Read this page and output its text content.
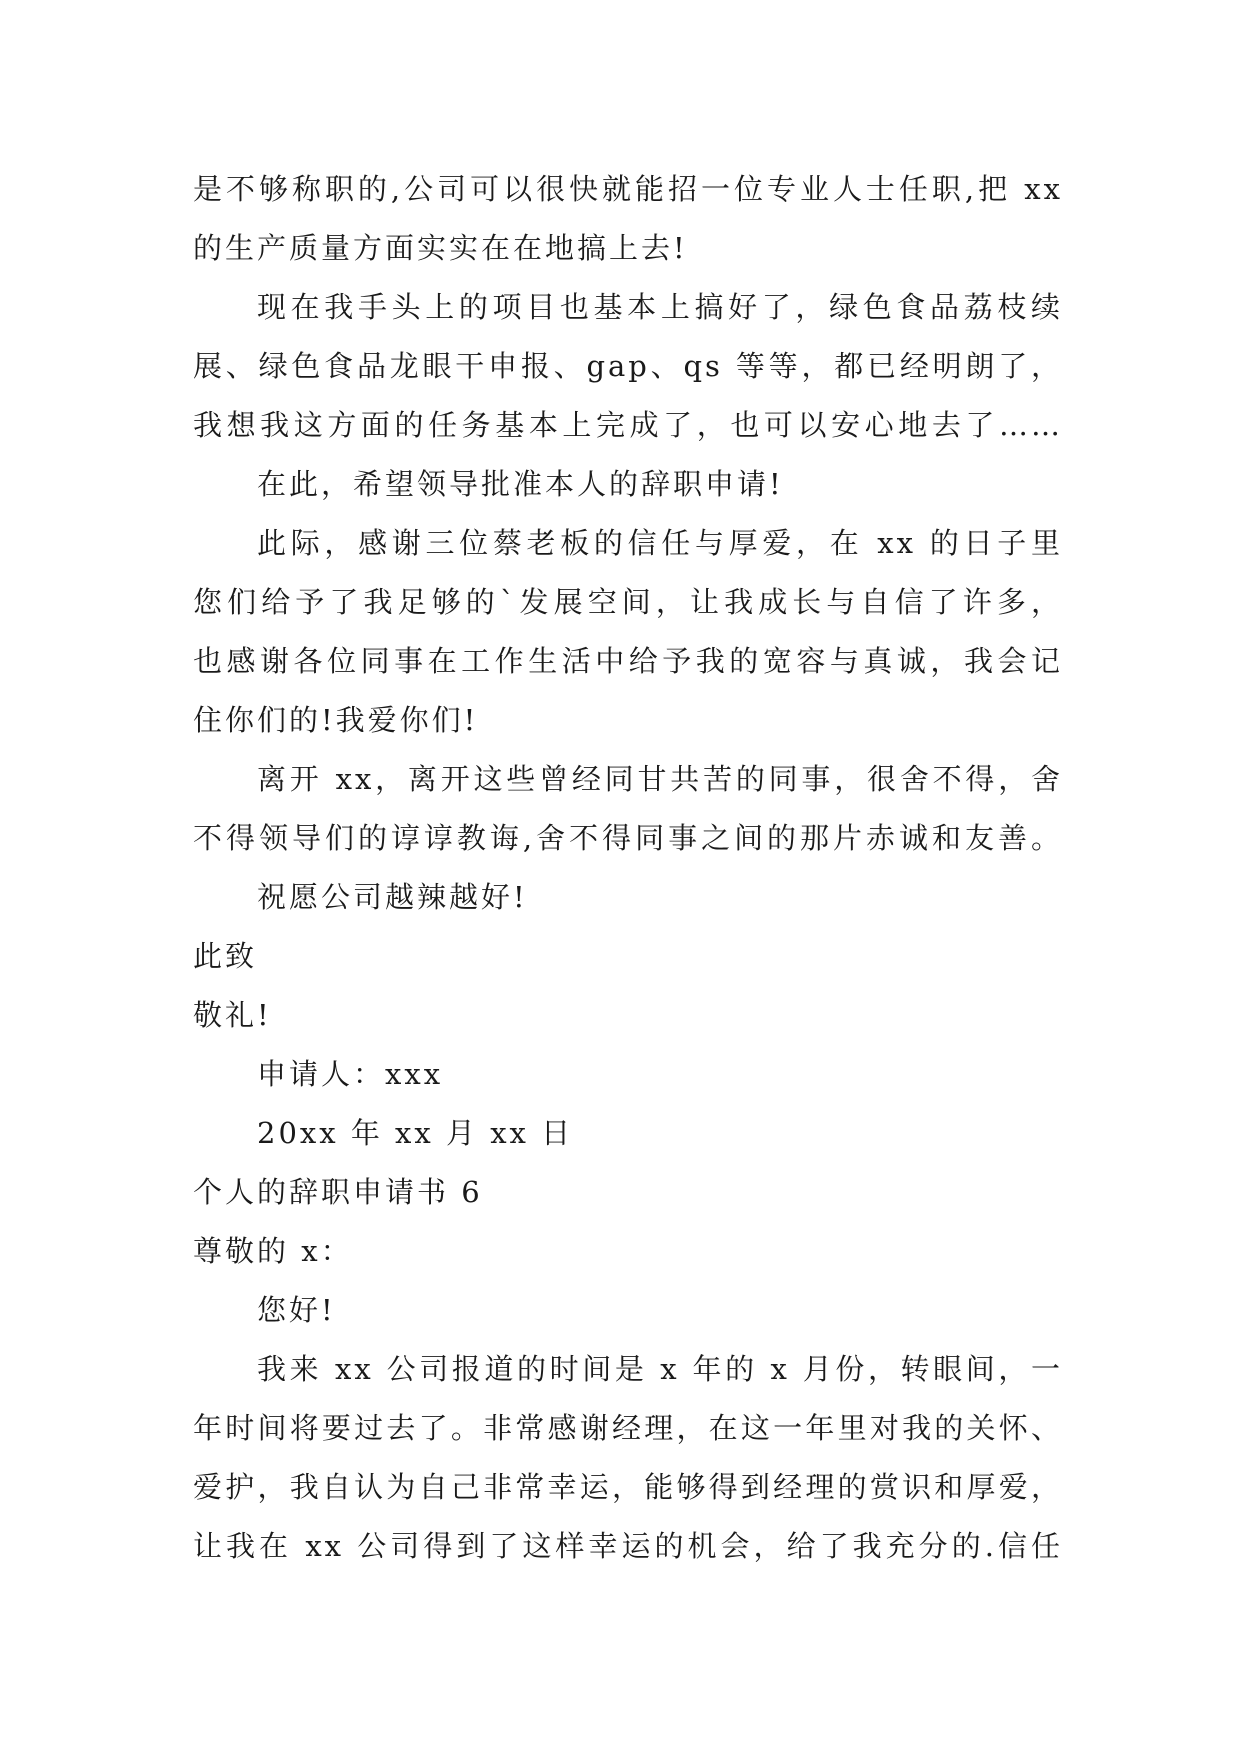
是不够称职的,公司可以很快就能招一位专业人士任职,把 xx
的生产质量方面实实在在地搞上去!
现在我手头上的项目也基本上搞好了，绿色食品荔枝续
展、绿色食品龙眼干申报、gap、qs 等等，都已经明朗了，
我想我这方面的任务基本上完成了，也可以安心地去了……
在此，希望领导批准本人的辞职申请!
此际，感谢三位蔡老板的信任与厚爱，在 xx 的日子里
您们给予了我足够的`发展空间，让我成长与自信了许多，
也感谢各位同事在工作生活中给予我的宽容与真诚，我会记
住你们的!我爱你们!
离开 xx，离开这些曾经同甘共苦的同事，很舍不得，舍
不得领导们的谆谆教诲,舍不得同事之间的那片赤诚和友善。
祝愿公司越辣越好!
此致
敬礼!
申请人：xxx
20xx 年 xx 月 xx 日
个人的辞职申请书 6
尊敬的 x：
您好!
我来 xx 公司报道的时间是 x 年的 x 月份，转眼间，一
年时间将要过去了。非常感谢经理，在这一年里对我的关怀、
爱护，我自认为自己非常幸运，能够得到经理的赏识和厚爱，
让我在 xx 公司得到了这样幸运的机会，给了我充分的.信任
